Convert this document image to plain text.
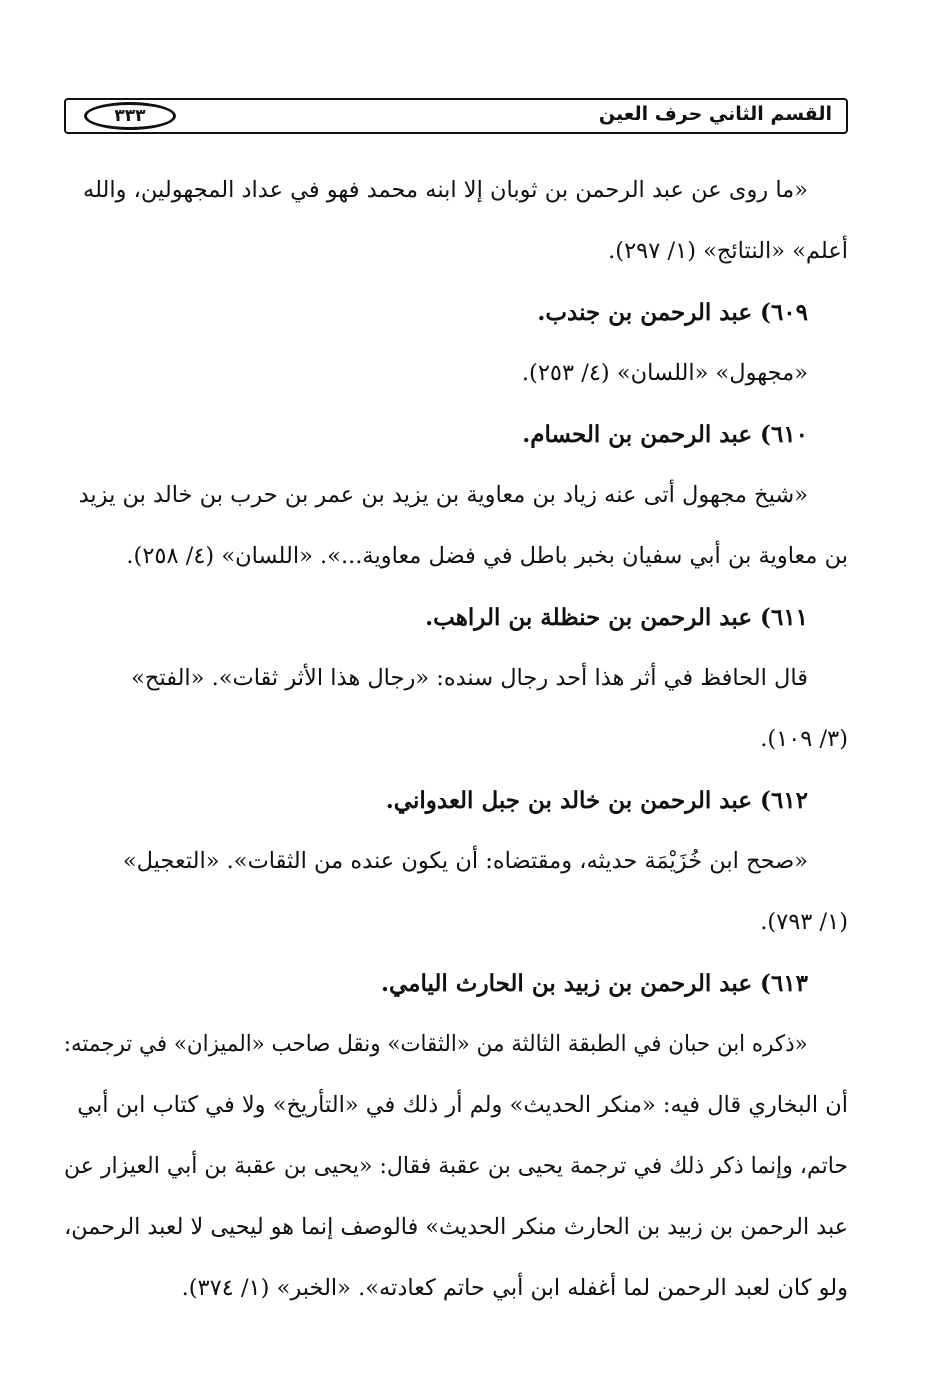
القسم الثاني حرف العين
٣٣٣

«ما روى عن عبد الرحمن بن ثوبان إلا ابنه محمد فهو في عداد المجهولين، والله

أعلم» «النتائج» (١/ ٢٩٧).

٦٠٩) عبد الرحمن بن جندب.

«مجهول» «اللسان» (٤/ ٢٥٣).

٦١٠) عبد الرحمن بن الحسام.

«شيخ مجهول أتى عنه زياد بن معاوية بن يزيد بن عمر بن حرب بن خالد بن يزيد

بن معاوية بن أبي سفيان بخبر باطل في فضل معاوية...». «اللسان» (٤/ ٢٥٨).

٦١١) عبد الرحمن بن حنظلة بن الراهب.

قال الحافظ في أثر هذا أحد رجال سنده: «رجال هذا الأثر ثقات». «الفتح»

(٣/ ١٠٩).

٦١٢) عبد الرحمن بن خالد بن جبل العدواني.

«صحح ابن خُزَيْمَة حديثه، ومقتضاه: أن يكون عنده من الثقات». «التعجيل»

(١/ ٧٩٣).

٦١٣) عبد الرحمن بن زبيد بن الحارث اليامي.

«ذكره ابن حبان في الطبقة الثالثة من «الثقات» ونقل صاحب «الميزان» في ترجمته:

أن البخاري قال فيه: «منكر الحديث» ولم أر ذلك في «التأريخ» ولا في كتاب ابن أبي

حاتم، وإنما ذكر ذلك في ترجمة يحيى بن عقبة فقال: «يحيى بن عقبة بن أبي العيزار عن

عبد الرحمن بن زبيد بن الحارث منكر الحديث» فالوصف إنما هو ليحيى لا لعبد الرحمن،

ولو كان لعبد الرحمن لما أغفله ابن أبي حاتم كعادته». «الخبر» (١/ ٣٧٤).
